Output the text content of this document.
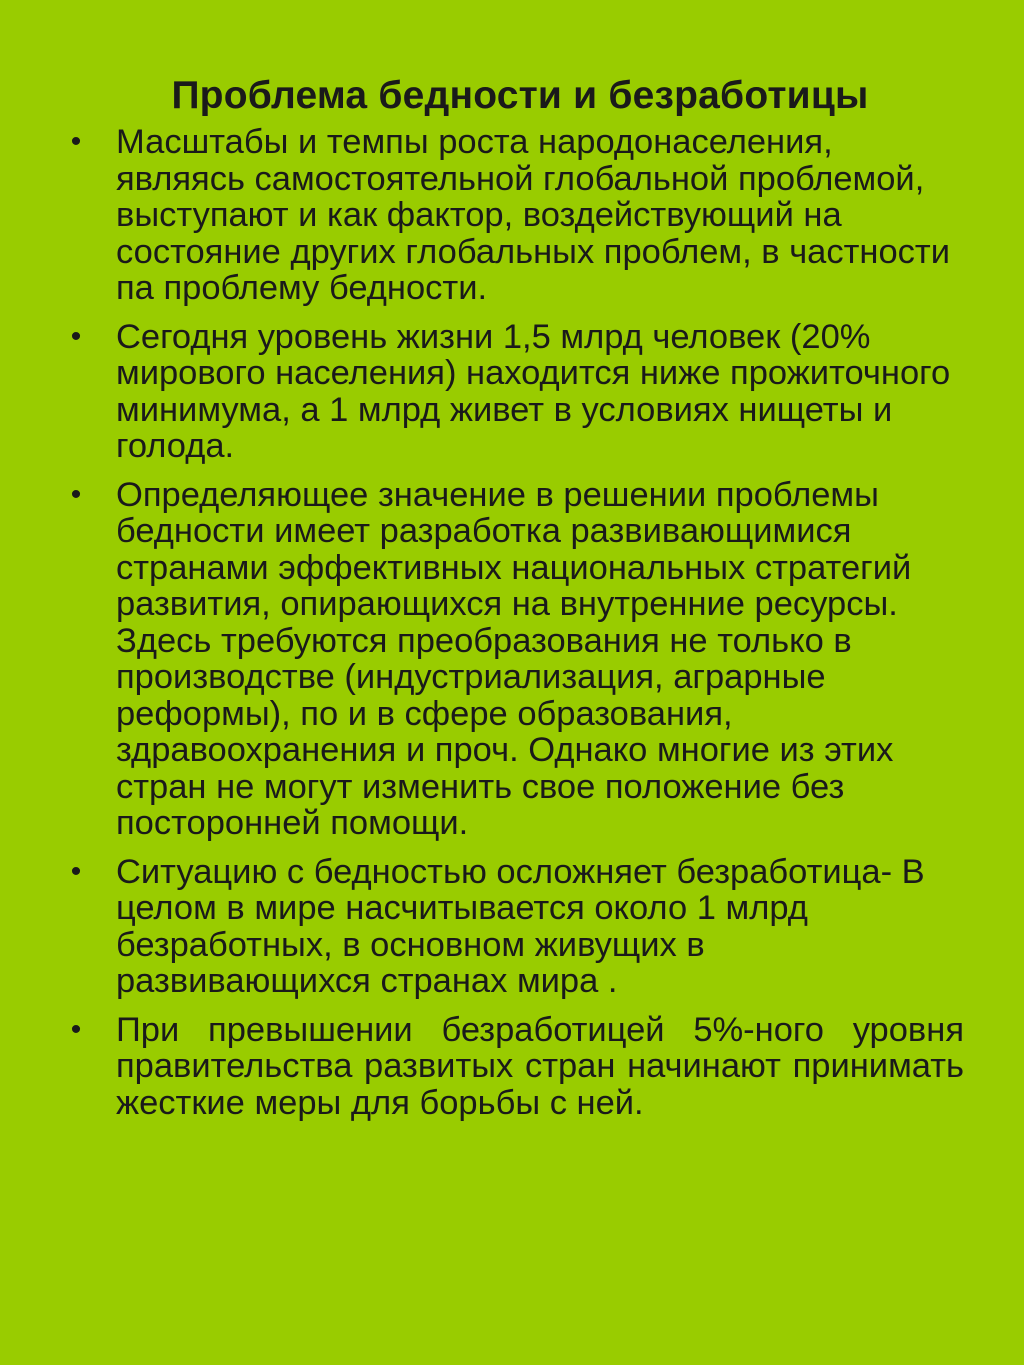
Проблема бедности и безработицы
• Масштабы и темпы роста народонаселения, являясь самостоятельной глобальной проблемой, выступают и как фактор, воздействующий на состояние других глобальных проблем, в частности па проблему бедности.
• Сегодня уровень жизни 1,5 млрд человек (20% мирового населения) находится ниже прожиточного минимума, а 1 млрд живет в условиях нищеты и голода.
• Определяющее значение в решении проблемы бедности имеет разработка развивающимися странами эффективных национальных стратегий развития, опирающихся на внутренние ресурсы. Здесь требуются преобразования не только в производстве (индустриализация, аграрные реформы), по и в сфере образования, здравоохранения и проч. Однако многие из этих стран не могут изменить свое положение без посторонней помощи.
• Ситуацию с бедностью осложняет безработица- В целом в мире насчитывается около 1 млрд безработных, в основном живущих в развивающихся странах мира .
• При превышении безработицей 5%-ного уровня правительства развитых стран начинают принимать жесткие меры для борьбы с ней.
